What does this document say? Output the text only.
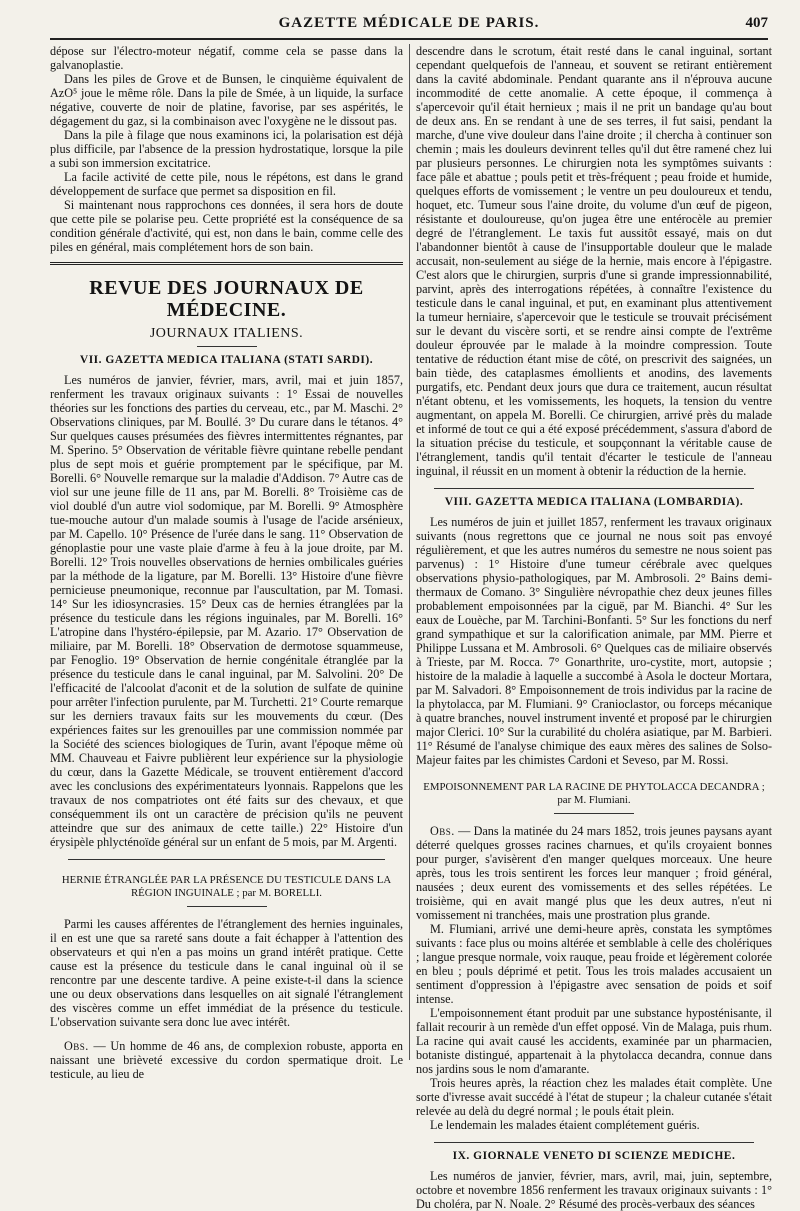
GAZETTE MÉDICALE DE PARIS.	407

dépose sur l'électro-moteur négatif, comme cela se passe dans la galvanoplastie.

Dans les piles de Grove et de Bunsen, le cinquième équivalent de AzO⁵ joue le même rôle. Dans la pile de Smée, à un liquide, la surface négative, couverte de noir de platine, favorise, par ses aspérités, le dégagement du gaz, si la combinaison avec l'oxygène ne le dissout pas.

Dans la pile à filage que nous examinons ici, la polarisation est déjà plus difficile, par l'absence de la pression hydrostatique, lorsque la pile a subi son immersion excitatrice.

La facile activité de cette pile, nous le répétons, est dans le grand développement de surface que permet sa disposition en fil.

Si maintenant nous rapprochons ces données, il sera hors de doute que cette pile se polarise peu. Cette propriété est la conséquence de sa condition générale d'activité, qui est, non dans le bain, comme celle des piles en général, mais complétement hors de son bain.

REVUE DES JOURNAUX DE MÉDECINE.
JOURNAUX ITALIENS.
VII. GAZETTA MEDICA ITALIANA (STATI SARDI).

Les numéros de janvier, février, mars, avril, mai et juin 1857, renferment les travaux originaux suivants : 1° Essai de nouvelles théories sur les fonctions des parties du cerveau, etc., par M. Maschi. 2° Observations cliniques, par M. Boullé. 3° Du curare dans le tétanos. 4° Sur quelques causes présumées des fièvres intermittentes régnantes, par M. Sperino. 5° Observation de véritable fièvre quintane rebelle pendant plus de sept mois et guérie promptement par le spécifique, par M. Borelli. 6° Nouvelle remarque sur la maladie d'Addison. 7° Autre cas de viol sur une jeune fille de 11 ans, par M. Borelli. 8° Troisième cas de viol doublé d'un autre viol sodomique, par M. Borelli. 9° Atmosphère tue-mouche autour d'un malade soumis à l'usage de l'acide arsénieux, par M. Capello. 10° Présence de l'urée dans le sang. 11° Observation de génoplastie pour une vaste plaie d'arme à feu à la joue droite, par M. Borelli. 12° Trois nouvelles observations de hernies ombilicales guéries par la méthode de la ligature, par M. Borelli. 13° Histoire d'une fièvre pernicieuse pneumonique, reconnue par l'auscultation, par M. Tomasi. 14° Sur les idiosyncrasies. 15° Deux cas de hernies étranglées par la présence du testicule dans les régions inguinales, par M. Borelli. 16° L'atropine dans l'hystéro-épilepsie, par M. Azario. 17° Observation de miliaire, par M. Borelli. 18° Observation de dermotose squammeuse, par Fenoglio. 19° Observation de hernie congénitale étranglée par la présence du testicule dans le canal inguinal, par M. Salvolini. 20° De l'efficacité de l'alcoolat d'aconit et de la solution de sulfate de quinine pour arrêter l'infection purulente, par M. Turchetti. 21° Courte remarque sur les derniers travaux faits sur les mouvements du cœur. (Des expériences faites sur les grenouilles par une commission nommée par la Société des sciences biologiques de Turin, avant l'époque même où MM. Chauveau et Faivre publièrent leur expérience sur la physiologie du cœur, dans la Gazette Médicale, se trouvent entièrement d'accord avec les conclusions des expérimentateurs lyonnais. Rappelons que les travaux de nos compatriotes ont été faits sur des chevaux, et que conséquemment ils ont un caractère de précision qu'ils ne peuvent atteindre que sur des animaux de cette taille.) 22° Histoire d'un érysipèle phlycténoïde général sur un enfant de 5 mois, par M. Argenti.

HERNIE ÉTRANGLÉE PAR LA PRÉSENCE DU TESTICULE DANS LA RÉGION INGUINALE ; par M. BORELLI.

Parmi les causes afférentes de l'étranglement des hernies inguinales, il en est une que sa rareté sans doute a fait échapper à l'attention des observateurs et qui n'en a pas moins un grand intérêt pratique. Cette cause est la présence du testicule dans le canal inguinal où il se rencontre par une descente tardive. A peine existe-t-il dans la science une ou deux observations dans lesquelles on ait signalé l'étranglement des viscères comme un effet immédiat de la présence du testicule. L'observation suivante sera donc lue avec intérêt.

Obs. — Un homme de 46 ans, de complexion robuste, apporta en naissant une brièveté excessive du cordon spermatique droit. Le testicule, au lieu de

descendre dans le scrotum, était resté dans le canal inguinal, sortant cependant quelquefois de l'anneau, et souvent se retirant entièrement dans la cavité abdominale. Pendant quarante ans il n'éprouva aucune incommodité de cette anomalie. A cette époque, il commença à s'apercevoir qu'il était hernieux ; mais il ne prit un bandage qu'au bout de deux ans. En se rendant à une de ses terres, il fut saisi, pendant la marche, d'une vive douleur dans l'aine droite ; il chercha à continuer son chemin ; mais les douleurs devinrent telles qu'il dut être ramené chez lui par plusieurs personnes. Le chirurgien nota les symptômes suivants : face pâle et abattue ; pouls petit et très-fréquent ; peau froide et humide, quelques efforts de vomissement ; le ventre un peu douloureux et tendu, hoquet, etc. Tumeur sous l'aine droite, du volume d'un œuf de pigeon, résistante et douloureuse, qu'on jugea être une entérocèle au premier degré de l'étranglement. Le taxis fut aussitôt essayé, mais on dut l'abandonner bientôt à cause de l'insupportable douleur que le malade accusait, non-seulement au siége de la hernie, mais encore à l'épigastre. C'est alors que le chirurgien, surpris d'une si grande impressionnabilité, parvint, après des interrogations répétées, à connaître l'existence du testicule dans le canal inguinal, et put, en examinant plus attentivement la tumeur herniaire, s'apercevoir que le testicule se trouvait précisément sur le devant du viscère sorti, et se rendre ainsi compte de l'extrême douleur éprouvée par le malade à la moindre compression. Toute tentative de réduction étant mise de côté, on prescrivit des saignées, un bain tiède, des cataplasmes émollients et anodins, des lavements purgatifs, etc. Pendant deux jours que dura ce traitement, aucun résultat n'étant obtenu, et les vomissements, les hoquets, la tension du ventre augmentant, on appela M. Borelli. Ce chirurgien, arrivé près du malade et informé de tout ce qui a été exposé précédemment, s'assura d'abord de la situation précise du testicule, et soupçonnant la véritable cause de l'étranglement, tandis qu'il tentait d'écarter le testicule de l'anneau inguinal, il réussit en un moment à obtenir la réduction de la hernie.

VIII. GAZETTA MEDICA ITALIANA (LOMBARDIA).

Les numéros de juin et juillet 1857, renferment les travaux originaux suivants (nous regrettons que ce journal ne nous soit pas envoyé régulièrement, et que les autres numéros du semestre ne nous soient pas parvenus) : 1° Histoire d'une tumeur cérébrale avec quelques observations physio-pathologiques, par M. Ambrosoli. 2° Bains demi-thermaux de Comano. 3° Singulière névropathie chez deux jeunes filles probablement empoisonnées par la ciguë, par M. Bianchi. 4° Sur les eaux de Louèche, par M. Tarchini-Bonfanti. 5° Sur les fonctions du nerf grand sympathique et sur la calorification animale, par MM. Pierre et Philippe Lussana et M. Ambrosoli. 6° Quelques cas de miliaire observés à Trieste, par M. Rocca. 7° Gonarthrite, uro-cystite, mort, autopsie ; histoire de la maladie à laquelle a succombé à Asola le docteur Mortara, par M. Salvadori. 8° Empoisonnement de trois individus par la racine de la phytolacca, par M. Flumiani. 9° Cranioclastor, ou forceps mécanique à quatre branches, nouvel instrument inventé et proposé par le chirurgien major Clerici. 10° Sur la curabilité du choléra asiatique, par M. Barbieri. 11° Résumé de l'analyse chimique des eaux mères des salines de Solso-Majeur faites par les chimistes Cardoni et Seveso, par M. Rossi.

EMPOISONNEMENT PAR LA RACINE DE PHYTOLACCA DECANDRA ; par M. Flumiani.

Obs. — Dans la matinée du 24 mars 1852, trois jeunes paysans ayant déterré quelques grosses racines charnues, et qu'ils croyaient bonnes pour purger, s'avisèrent d'en manger quelques morceaux. Une heure après, tous les trois sentirent les forces leur manquer ; froid général, nausées ; deux eurent des vomissements et des selles répétées. Le troisième, qui en avait mangé plus que les deux autres, n'eut ni vomissement ni tranchées, mais une prostration plus grande.

M. Flumiani, arrivé une demi-heure après, constata les symptômes suivants : face plus ou moins altérée et semblable à celle des cholériques ; langue presque normale, voix rauque, peau froide et légèrement colorée en bleu ; pouls déprimé et petit. Tous les trois malades accusaient un sentiment d'oppression à l'épigastre avec sensation de poids et soif intense.

L'empoisonnement étant produit par une substance hyposténisante, il fallait recourir à un remède d'un effet opposé. Vin de Malaga, puis rhum. La racine qui avait causé les accidents, examinée par un pharmacien, botaniste distingué, appartenait à la phytolacca decandra, connue dans nos jardins sous le nom d'amarante.

Trois heures après, la réaction chez les malades était complète. Une sorte d'ivresse avait succédé à l'état de stupeur ; la chaleur cutanée s'était relevée au delà du degré normal ; le pouls était plein.

Le lendemain les malades étaient complétement guéris.

IX. GIORNALE VENETO DI SCIENZE MEDICHE.

Les numéros de janvier, février, mars, avril, mai, juin, septembre, octobre et novembre 1856 renferment les travaux originaux suivants : 1° Du choléra, par N. Noale. 2° Résumé des procès-verbaux des séances
